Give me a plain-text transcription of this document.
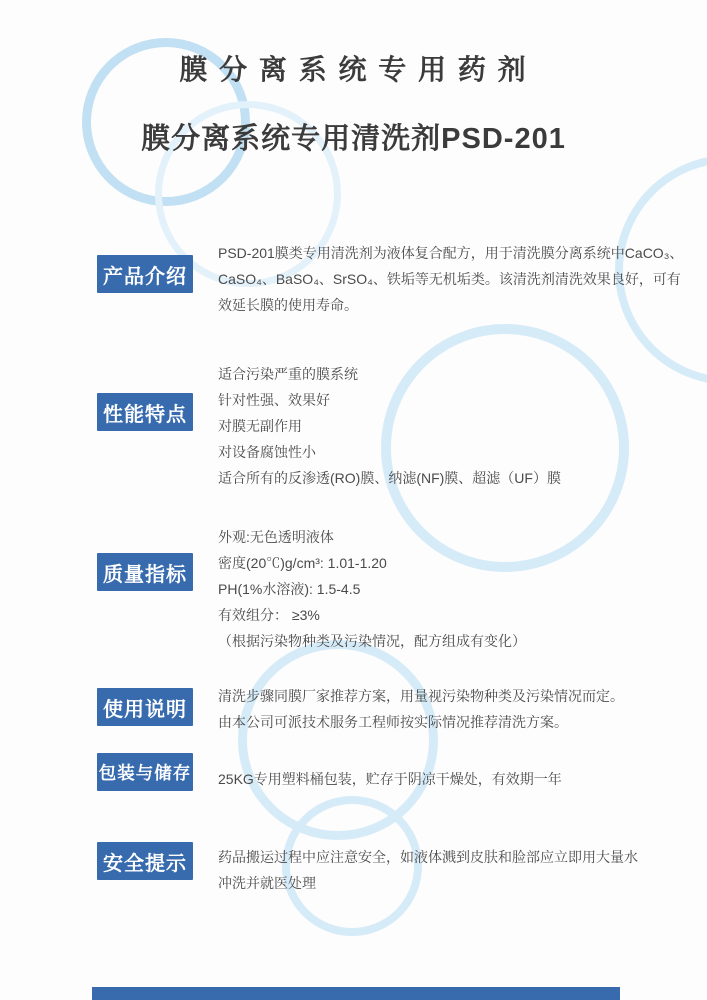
膜 分 离 系 统 专 用 药 剂
膜分离系统专用清洗剂PSD-201
产品介绍
PSD-201膜类专用清洗剂为液体复合配方，用于清洗膜分离系统中CaCO₃、
CaSO₄、BaSO₄、SrSO₄、铁垢等无机垢类。该清洗剂清洗效果良好，可有
效延长膜的使用寿命。
性能特点
适合污染严重的膜系统
针对性强、效果好
对膜无副作用
对设备腐蚀性小
适合所有的反渗透(RO)膜、纳滤(NF)膜、超滤（UF）膜
质量指标
外观:无色透明液体
密度(20℃)g/cm³: 1.01-1.20
PH(1%水溶液): 1.5-4.5
有效组分： ≥3%
（根据污染物种类及污染情况，配方组成有变化）
使用说明
清洗步骤同膜厂家推荐方案，用量视污染物种类及污染情况而定。
由本公司可派技术服务工程师按实际情况推荐清洗方案。
包装与储存 25KG专用塑料桶包装，贮存于阴凉干燥处，有效期一年
安全提示	药品搬运过程中应注意安全，如液体溅到皮肤和脸部应立即用大量水
冲洗并就医处理
